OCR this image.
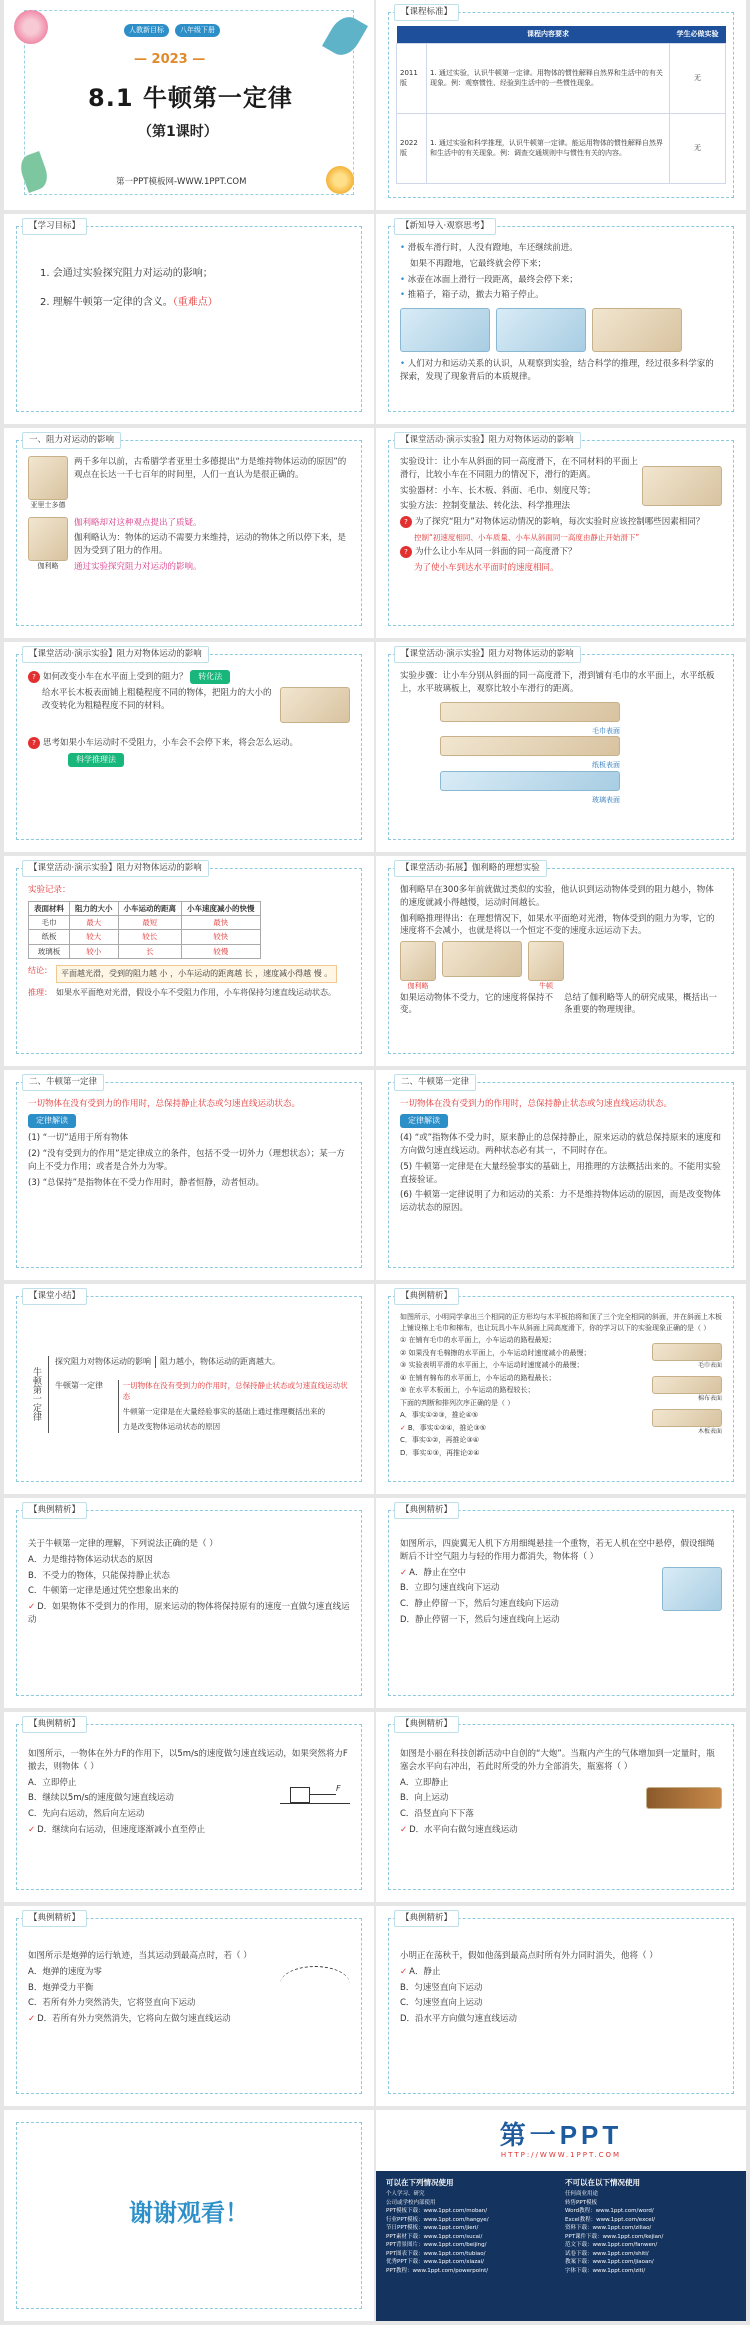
人教新目标	八年级下册
— 2023 —
8.1 牛顿第一定律
（第1课时）
第一PPT模板网-WWW.1PPT.COM
【课程标准】
	课程内容要求	学生必做实验
2011 版	1. 通过实验，认识牛顿第一定律。用物体的惯性解释自然界和生活中的有关现象。例：观察惯性、经验到生活中的一些惯性现象。	无
2022 版	1. 通过实验和科学推理，认识牛顿第一定律。能运用物体的惯性解释自然界和生活中的有关现象。例：调查交通规则中与惯性有关的内容。	无
【学习目标】
1. 会通过实验探究阻力对运动的影响；
2. 理解牛顿第一定律的含义。（重难点）
【新知导入·观察思考】
• 滑板车滑行时，人没有蹬地，车还继续前进。
如果不再蹬地，它最终就会停下来；
• 冰壶在冰面上滑行一段距离，最终会停下来；
• 推箱子，箱子动，撤去力箱子停止。
• 人们对力和运动关系的认识，从观察到实验，结合科学的推理，经过很多科学家的探索，发现了现象背后的本质规律。
一、阻力对运动的影响
亚里士多德
两千多年以前，古希腊学者亚里士多德提出“力是维持物体运动的原因”的观点在长达一千七百年的时间里，人们一直认为是很正确的。
伽利略
伽利略却对这种观点提出了质疑。
伽利略认为：物体的运动不需要力来维持，运动的物体之所以停下来，是因为受到了阻力的作用。
通过实验探究阻力对运动的影响。
【课堂活动·演示实验】阻力对物体运动的影响
实验设计：让小车从斜面的同一高度滑下，在不同材料的平面上滑行，比较小车在不同阻力的情况下，滑行的距离。
实验器材：小车、长木板、斜面、毛巾、刻度尺等；
实验方法：控制变量法、转化法、科学推理法
? 为了探究“阻力”对物体运动情况的影响，每次实验时应该控制哪些因素相同？
控制“初速度相同、小车质量、小车从斜面同一高度由静止开始滑下”
? 为什么让小车从同一斜面的同一高度滑下？
为了使小车到达水平面时的速度相同。
【课堂活动·演示实验】阻力对物体运动的影响
? 如何改变小车在水平面上受到的阻力？ 转化法
给水平长木板表面铺上粗糙程度不同的物体，把阻力的大小的改变转化为粗糙程度不同的材料。
? 思考如果小车运动时不受阻力，小车会不会停下来，将会怎么运动。
科学推理法
【课堂活动·演示实验】阻力对物体运动的影响
实验步骤：让小车分别从斜面的同一高度滑下，滑到铺有毛巾的水平面上，水平纸板上，水平玻璃板上，观察比较小车滑行的距离。
毛巾表面
纸板表面
玻璃表面
【课堂活动·演示实验】阻力对物体运动的影响
实验记录：
表面材料	阻力的大小	小车运动的距离	小车速度减小的快慢
毛巾	最大	最短	最快
纸板	较大	较长	较快
玻璃板	较小	长	较慢
结论：	平面越光滑，受到的阻力越 小 ，小车运动的距离越 长 ，速度减小得越 慢 。
推理： 如果水平面绝对光滑，假设小车不受阻力作用，小车将保持匀速直线运动状态。
【课堂活动·拓展】伽利略的理想实验
伽利略早在300多年前就做过类似的实验，他认识到运动物体受到的阻力越小，物体的速度就减小得越慢，运动时间越长。
伽利略推理得出：在理想情况下，如果水平面绝对光滑，物体受到的阻力为零，它的速度将不会减小，也就是将以一个恒定不变的速度永远运动下去。
伽利略	牛顿
如果运动物体不受力，它的速度将保持不变。
总结了伽利略等人的研究成果，概括出一条重要的物理规律。
二、牛顿第一定律
一切物体在没有受到力的作用时，总保持静止状态或匀速直线运动状态。
定律解读
(1) “一切”适用于所有物体
(2) “没有受到力的作用”是定律成立的条件，包括不受一切外力（理想状态）；某一方向上不受力作用；或者是合外力为零。
(3) “总保持”是指物体在不受力作用时，静者恒静，动者恒动。
二、牛顿第一定律
一切物体在没有受到力的作用时，总保持静止状态或匀速直线运动状态。
定律解读
(4) “或”指物体不受力时，原来静止的总保持静止，原来运动的就总保持原来的速度和方向做匀速直线运动。两种状态必有其一，不同时存在。
(5) 牛顿第一定律是在大量经验事实的基础上，用推理的方法概括出来的。不能用实验直接验证。
(6) 牛顿第一定律说明了力和运动的关系：力不是维持物体运动的原因，而是改变物体运动状态的原因。
【课堂小结】
牛顿第一定律
探究阻力对物体运动的影响	阻力越小，物体运动的距离越大。
牛顿第一定律	一切物体在没有受到力的作用时，总保持静止状态或匀速直线运动状态
牛顿第一定律是在大量经验事实的基础上通过推理概括出来的
力是改变物体运动状态的原因
【典例精析】
如图所示，小明同学拿出三个相同的正方形均与木平板拍将和顶了三个完全相同的斜面，并在斜面上木板上铺设棉上毛巾和棉布，也让玩具小车从斜面上同高度滑下，你的学习以下的实验现象正确的是（ ）
① 在铺有毛巾的水平面上，小车运动的路程最短；
② 如果没有毛棉擦的水平面上，小车运动时速度减小的最慢；
③ 实验表明平滑的水平面上，小车运动时速度减小的最慢；
④ 在铺有棉布的水平面上，小车运动的路程最长；
⑤ 在水平木板面上，小车运动的路程较长；
下面的判断和排列次序正确的是（ ）
A．事实①②③，推论④⑤
✓ B．事实①②④，推论③⑤
C．事实①②，再推论③④
D．事实①③，再推论②④
毛巾表面
棉布表面
木板表面
【典例精析】
关于牛顿第一定律的理解，下列说法正确的是（ ）
A．力是维持物体运动状态的原因
B．不受力的物体，只能保持静止状态
C．牛顿第一定律是通过凭空想象出来的
✓ D．如果物体不受到力的作用，原来运动的物体将保持原有的速度一直做匀速直线运动
【典例精析】
如图所示，四旋翼无人机下方用细绳悬挂一个重物，若无人机在空中悬停，假设细绳断后不计空气阻力与轻的作用力都消失，物体将（ ）
✓ A．静止在空中
B．立即匀速直线向下运动
C．静止停留一下，然后匀速直线向下运动
D．静止停留一下，然后匀速直线向上运动
【典例精析】
如图所示，一物体在外力F的作用下，以5m/s的速度做匀速直线运动，如果突然将力F撤去，则物体（ ）
A．立即停止
B．继续以5m/s的速度做匀速直线运动
C．先向右运动，然后向左运动
✓ D．继续向右运动，但速度逐渐减小直至停止
F
【典例精析】
如图是小丽在科技创新活动中自创的“大炮”。当瓶内产生的气体增加到一定量时，瓶塞会水平向右冲出，若此时所受的外力全部消失，瓶塞将（ ）
A．立即静止
B．向上运动
C．沿竖直向下下落
✓ D．水平向右做匀速直线运动
【典例精析】
如图所示是炮弹的运行轨迹，当其运动到最高点时，若（ ）
A．炮弹的速度为零
B．炮弹受力平衡
C．若所有外力突然消失，它将竖直向下运动
✓ D．若所有外力突然消失，它将向左做匀速直线运动
【典例精析】
小明正在荡秋千，假如他荡到最高点时所有外力同时消失，他将（ ）
✓ A．静止
B．匀速竖直向下运动
C．匀速竖直向上运动
D．沿水平方向做匀速直线运动
谢谢观看！
第一PPT
HTTP://WWW.1PPT.COM
可以在下列情况使用
个人学习、研究
公司或学校内部使用
PPT模板下载：www.1ppt.com/moban/
行业PPT模板：www.1ppt.com/hangye/
节日PPT模板：www.1ppt.com/jieri/
PPT素材下载：www.1ppt.com/sucai/
PPT背景图片：www.1ppt.com/beijing/
PPT图表下载：www.1ppt.com/tubiao/
优秀PPT下载：www.1ppt.com/xiazai/
PPT教程：www.1ppt.com/powerpoint/
不可以在以下情况使用
任何商业用途
转售PPT模板
Word教程：www.1ppt.com/word/
Excel教程：www.1ppt.com/excel/
资料下载：www.1ppt.com/ziliao/
PPT课件下载：www.1ppt.com/kejian/
范文下载：www.1ppt.com/fanwen/
试卷下载：www.1ppt.com/shiti/
教案下载：www.1ppt.com/jiaoan/
字体下载：www.1ppt.com/ziti/
